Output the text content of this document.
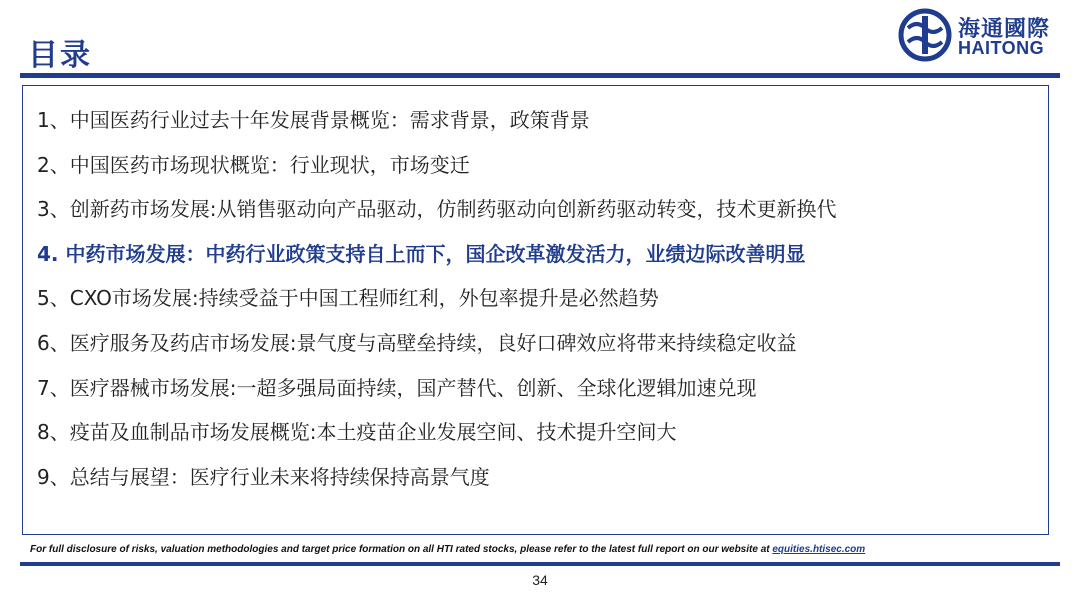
目录
海通國際
HAITONG
1、中国医药行业过去十年发展背景概览：需求背景，政策背景
2、中国医药市场现状概览：行业现状，市场变迁
3、创新药市场发展:从销售驱动向产品驱动，仿制药驱动向创新药驱动转变，技术更新换代
4. 中药市场发展：中药行业政策支持自上而下，国企改革激发活力，业绩边际改善明显
5、CXO市场发展:持续受益于中国工程师红利，外包率提升是必然趋势
6、医疗服务及药店市场发展:景气度与高壁垒持续，良好口碑效应将带来持续稳定收益
7、医疗器械市场发展:一超多强局面持续，国产替代、创新、全球化逻辑加速兑现
8、疫苗及血制品市场发展概览:本土疫苗企业发展空间、技术提升空间大
9、总结与展望：医疗行业未来将持续保持高景气度
For full disclosure of risks, valuation methodologies and target price formation on all HTI rated stocks, please refer to the latest full report on our website at equities.htisec.com
34
